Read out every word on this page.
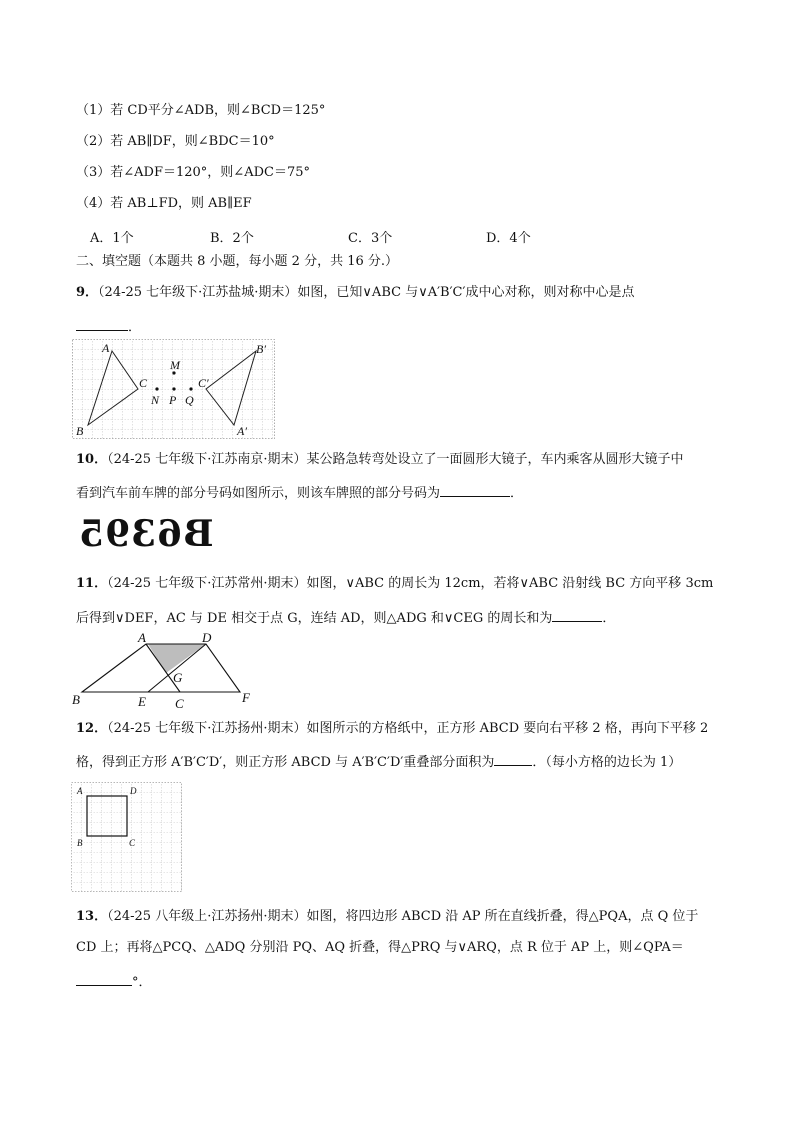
（1）若 CD平分∠ADB，则∠BCD＝125°
（2）若 AB∥DF，则∠BDC＝10°
（3）若∠ADF＝120°，则∠ADC＝75°
（4）若 AB⊥FD，则 AB∥EF
A．1个	B．2个	C．3个	D．4个
二、填空题（本题共 8 小题，每小题 2 分，共 16 分.）
9．（24-25 七年级下·江苏盐城·期末）如图，已知∨ABC 与∨A′B′C′成中心对称，则对称中心是点
．
A
B
C
B′
C′
A′
M
N P Q
10．（24-25 七年级下·江苏南京·期末）某公路急转弯处设立了一面圆形大镜子，车内乘客从圆形大镜子中
看到汽车前车牌的部分号码如图所示，则该车牌照的部分号码为	．
B6395
11．（24-25 七年级下·江苏常州·期末）如图，∨ABC 的周长为 12cm，若将∨ABC 沿射线 BC 方向平移 3cm
后得到∨DEF，AC 与 DE 相交于点 G，连结 AD，则△ADG 和∨CEG 的周长和为	．
A	D
B	E C	F
G
12．（24-25 七年级下·江苏扬州·期末）如图所示的方格纸中，正方形 ABCD 要向右平移 2 格，再向下平移 2
格，得到正方形 A′B′C′D′，则正方形 ABCD 与 A′B′C′D′重叠部分面积为	．（每小方格的边长为 1）
A	D
B	C
13．（24-25 八年级上·江苏扬州·期末）如图，将四边形 ABCD 沿 AP 所在直线折叠，得△PQA，点 Q 位于
CD 上；再将△PCQ、△ADQ 分别沿 PQ、AQ 折叠，得△PRQ 与∨ARQ，点 R 位于 AP 上，则∠QPA＝
°．
